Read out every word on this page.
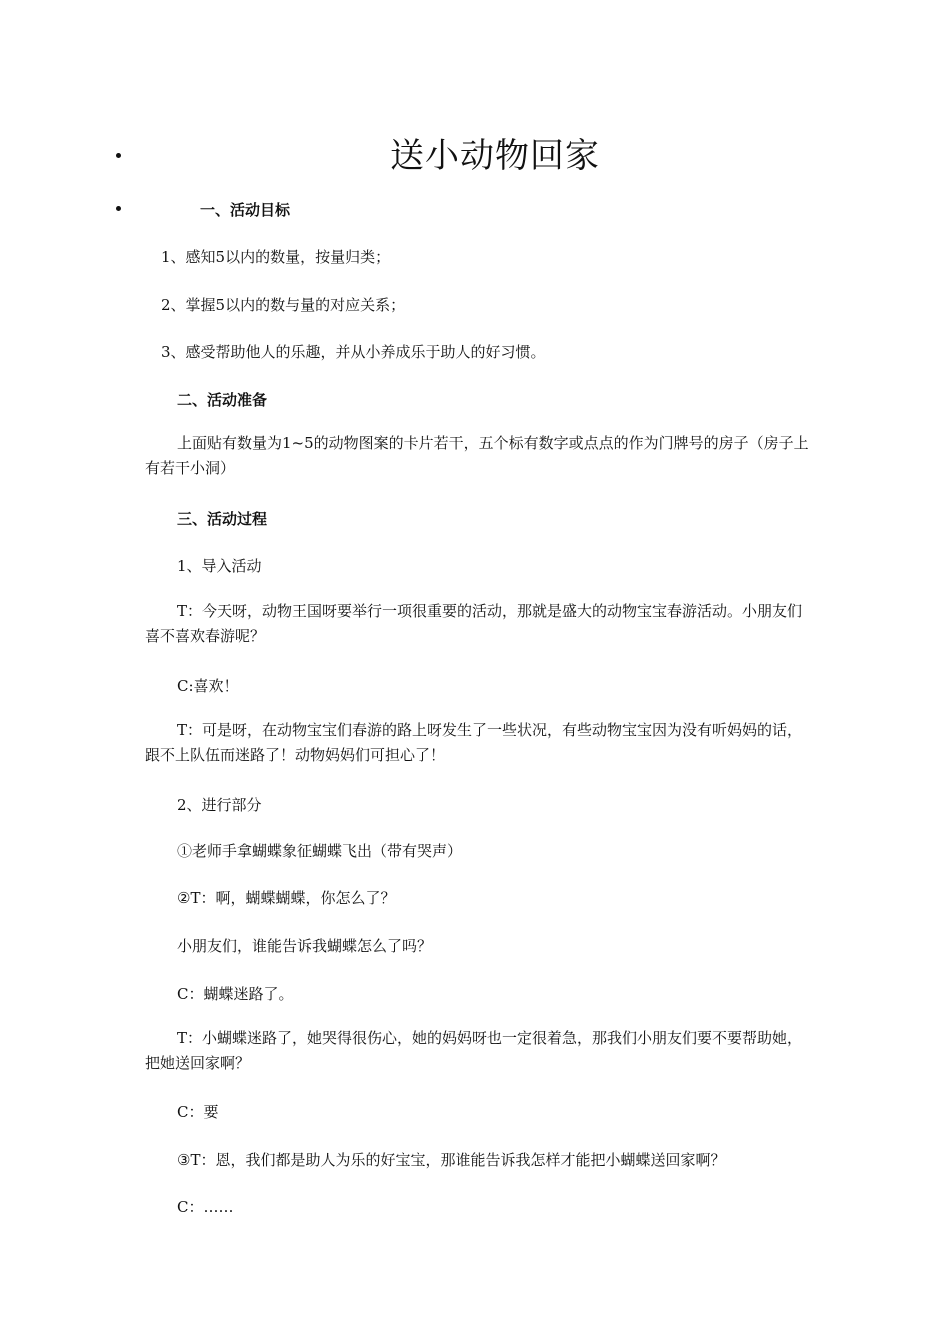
送小动物回家
一、活动目标
1、感知5以内的数量，按量归类；
2、掌握5以内的数与量的对应关系；
3、感受帮助他人的乐趣，并从小养成乐于助人的好习惯。
二、活动准备
上面贴有数量为1~5的动物图案的卡片若干，五个标有数字或点点的作为门牌号的房子（房子上有若干小洞）
三、活动过程
1、导入活动
T：今天呀，动物王国呀要举行一项很重要的活动，那就是盛大的动物宝宝春游活动。小朋友们喜不喜欢春游呢？
C:喜欢！
T：可是呀，在动物宝宝们春游的路上呀发生了一些状况，有些动物宝宝因为没有听妈妈的话，跟不上队伍而迷路了！动物妈妈们可担心了！
2、进行部分
①老师手拿蝴蝶象征蝴蝶飞出（带有哭声）
②T：啊，蝴蝶蝴蝶，你怎么了？
小朋友们，谁能告诉我蝴蝶怎么了吗？
C：蝴蝶迷路了。
T：小蝴蝶迷路了，她哭得很伤心，她的妈妈呀也一定很着急，那我们小朋友们要不要帮助她，把她送回家啊？
C：要
③T：恩，我们都是助人为乐的好宝宝，那谁能告诉我怎样才能把小蝴蝶送回家啊？
C：……
